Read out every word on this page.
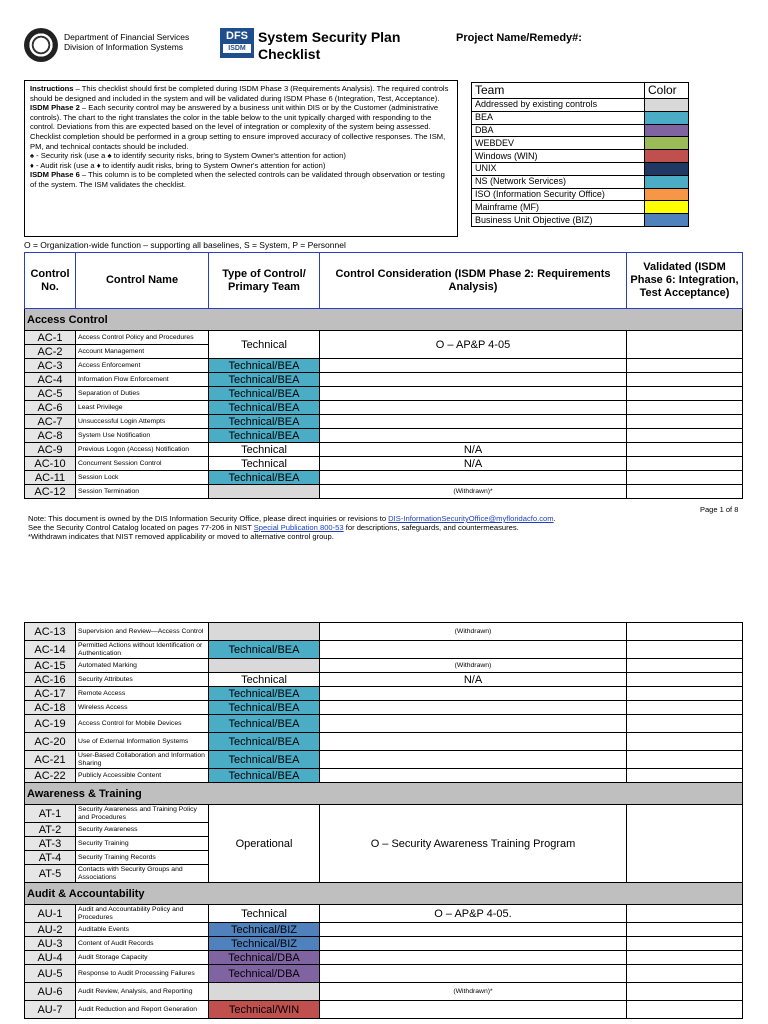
Department of Financial Services
Division of Information Systems
DFS
ISDM
System Security Plan
Checklist
Project Name/Remedy#:

Instructions – This checklist should first be completed during ISDM Phase 3 (Requirements Analysis). The required controls should be designed and included in the system and will be validated during ISDM Phase 6 (Integration, Test, Acceptance).

ISDM Phase 2 – Each security control may be answered by a business unit within DIS or by the Customer (administrative controls). The chart to the right translates the color in the table below to the unit typically charged with responding to the control. Deviations from this are expected based on the level of integration or complexity of the system being assessed. Checklist completion should be performed in a group setting to ensure improved accuracy of collective responses. The ISM, PM, and technical contacts should be included.

♠ - Security risk (use a ♠ to identify security risks, bring to System Owner's attention for action)

♦ - Audit risk (use a ♦ to identify audit risks, bring to System Owner's attention for action)

ISDM Phase 6 – This column is to be completed when the selected controls can be validated through observation or testing of the system. The ISM validates the checklist.

Team	Color
Addressed by existing controls	
BEA	
DBA	
WEBDEV	
Windows (WIN)	
UNIX	
NS (Network Services)	
ISO (Information Security Office)	
Mainframe (MF)	
Business Unit Objective (BIZ)	
O = Organization-wide function – supporting all baselines, S = System, P = Personnel
Control No.	Control Name	Type of Control/ Primary Team	Control Consideration (ISDM Phase 2: Requirements Analysis)	Validated (ISDM Phase 6: Integration, Test Acceptance)
Access Control				
AC-1	Access Control Policy and Procedures	Technical	O – AP&P 4-05	
AC-2	Account Management			
AC-3	Access Enforcement	Technical/BEA		
AC-4	Information Flow Enforcement	Technical/BEA		
AC-5	Separation of Duties	Technical/BEA		
AC-6	Least Privilege	Technical/BEA		
AC-7	Unsuccessful Login Attempts	Technical/BEA		
AC-8	System Use Notification	Technical/BEA		
AC-9	Previous Logon (Access) Notification	Technical	N/A	
AC-10	Concurrent Session Control	Technical	N/A	
AC-11	Session Lock	Technical/BEA		
AC-12	Session Termination		(Withdrawn)*	
Page 1 of 8
Note: This document is owned by the DIS Information Security Office, please direct inquiries or revisions to DIS-InformationSecurityOffice@myfloridacfo.com.
See the Security Control Catalog located on pages 77-206 in NIST Special Publication 800-53 for descriptions, safeguards, and countermeasures.
*Withdrawn indicates that NIST removed applicability or moved to alternative control group.
AC-13	Supervision and Review—Access Control		(Withdrawn)	
AC-14	Permitted Actions without Identification or Authentication	Technical/BEA		
AC-15	Automated Marking		(Withdrawn)	
AC-16	Security Attributes	Technical	N/A	
AC-17	Remote Access	Technical/BEA		
AC-18	Wireless Access	Technical/BEA		
AC-19	Access Control for Mobile Devices	Technical/BEA		
AC-20	Use of External Information Systems	Technical/BEA		
AC-21	User-Based Collaboration and Information Sharing	Technical/BEA		
AC-22	Publicly Accessible Content	Technical/BEA		
Awareness & Training				
AT-1	Security Awareness and Training Policy and Procedures	Operational	O – Security Awareness Training Program	
AT-2	Security Awareness			
AT-3	Security Training			
AT-4	Security Training Records			
AT-5	Contacts with Security Groups and Associations			
Audit & Accountability				
AU-1	Audit and Accountability Policy and Procedures	Technical	O – AP&P 4-05.	
AU-2	Auditable Events	Technical/BIZ		
AU-3	Content of Audit Records	Technical/BIZ		
AU-4	Audit Storage Capacity	Technical/DBA		
AU-5	Response to Audit Processing Failures	Technical/DBA		
AU-6	Audit Review, Analysis, and Reporting		(Withdrawn)*	
AU-7	Audit Reduction and Report Generation	Technical/WIN		
